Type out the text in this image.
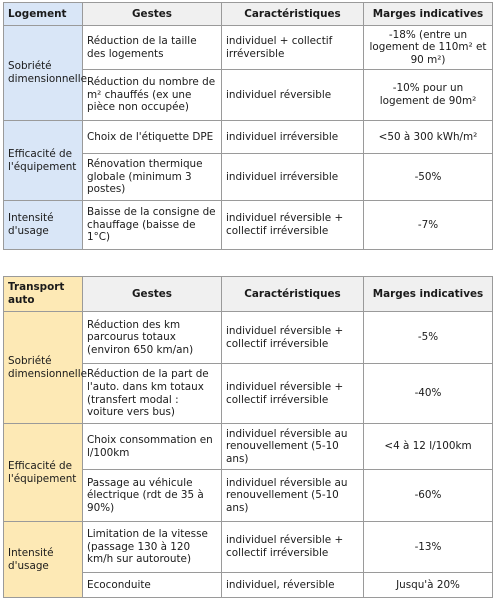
Logement	Gestes	Caractéristiques	Marges indicatives
Sobriété dimensionnelle	Réduction de la taille des logements	individuel + collectif irréversible	-18% (entre un logement de 110m² et 90 m²)
	Réduction du nombre de m² chauffés (ex une pièce non occupée)	individuel réversible	-10% pour un logement de 90m²
Efficacité de l'équipement	Choix de l'étiquette DPE	individuel irréversible	<50 à 300 kWh/m²
	Rénovation thermique globale (minimum 3 postes)	individuel irréversible	-50%
Intensité d'usage	Baisse de la consigne de chauffage (baisse de 1°C)	individuel réversible + collectif irréversible	-7%
Transport auto	Gestes	Caractéristiques	Marges indicatives
Sobriété dimensionnelle	Réduction des km parcourus totaux (environ 650 km/an)	individuel réversible + collectif irréversible	-5%
	Réduction de la part de l'auto. dans km totaux (transfert modal : voiture vers bus)	individuel réversible + collectif irréversible	-40%
Efficacité de l'équipement	Choix consommation en l/100km	individuel réversible au renouvellement (5-10 ans)	<4 à 12 l/100km
	Passage au véhicule électrique (rdt de 35 à 90%)	individuel réversible au renouvellement (5-10 ans)	-60%
Intensité d'usage	Limitation de la vitesse (passage 130 à 120 km/h sur autoroute)	individuel réversible + collectif irréversible	-13%
	Ecoconduite	individuel, réversible	Jusqu'à 20%
